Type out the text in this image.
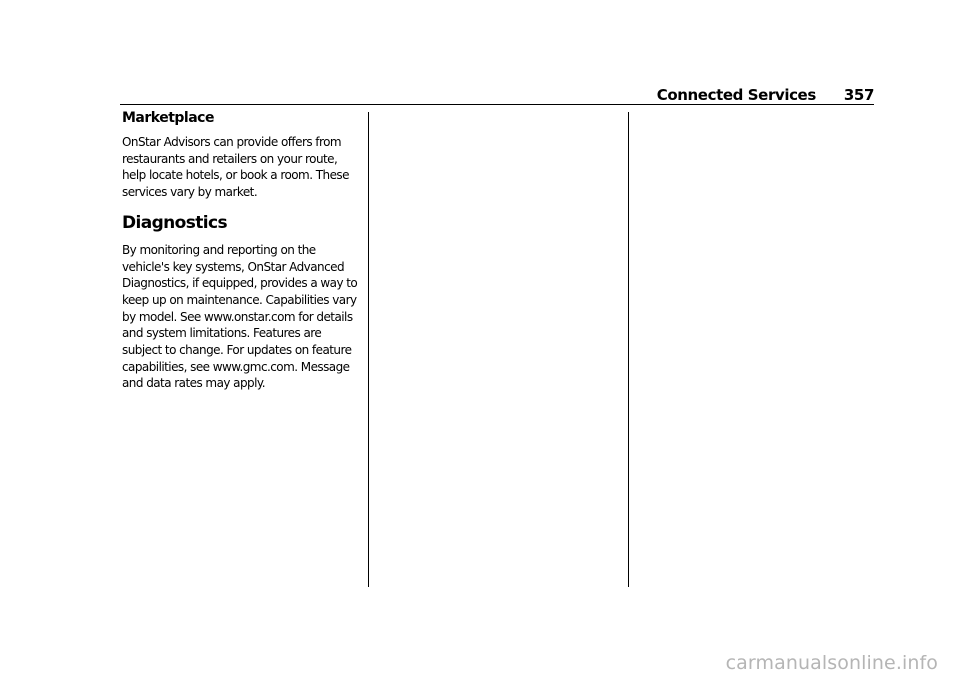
Connected Services 357
Marketplace

OnStar Advisors can provide offers from restaurants and retailers on your route, help locate hotels, or book a room. These services vary by market.

Diagnostics

By monitoring and reporting on the vehicle's key systems, OnStar Advanced Diagnostics, if equipped, provides a way to keep up on maintenance. Capabilities vary by model. See www.onstar.com for details and system limitations. Features are subject to change. For updates on feature capabilities, see www.gmc.com. Message and data rates may apply.

carmanualsonline.info
